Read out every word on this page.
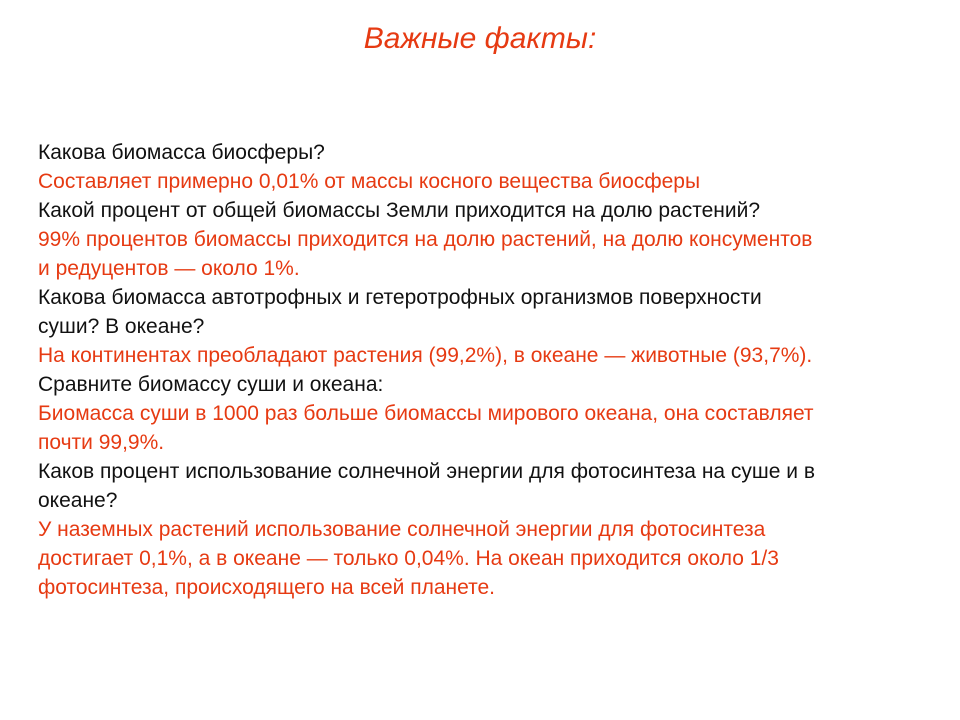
Важные факты:

Какова биомасса биосферы?

Составляет примерно 0,01% от массы косного вещества биосферы

Какой процент от общей биомассы Земли приходится на долю растений?

99% процентов биомассы приходится на долю растений, на долю консументов
и редуцентов — около 1%.

Какова биомасса автотрофных и гетеротрофных организмов поверхности
суши? В океане?

На континентах преобладают растения (99,2%), в океане — животные (93,7%).

Сравните биомассу суши и океана:

Биомасса суши в 1000 раз больше биомассы мирового океана, она составляет
почти 99,9%.

Каков процент использование солнечной энергии для фотосинтеза на суше и в
океане?

У наземных растений использование солнечной энергии для фотосинтеза
достигает 0,1%, а в океане — только 0,04%. На океан приходится около 1/3
фотосинтеза, происходящего на всей планете.
